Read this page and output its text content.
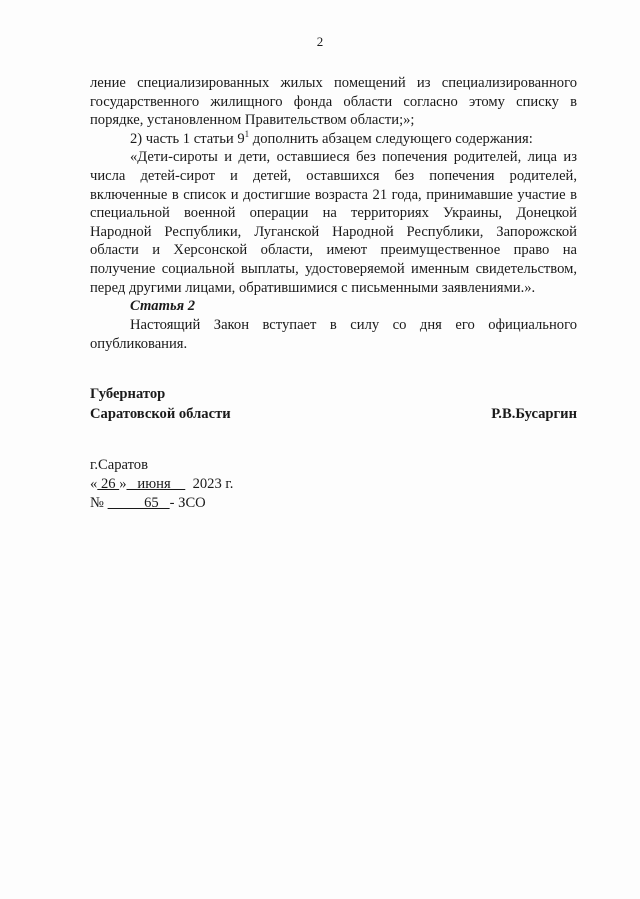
2

ление специализированных жилых помещений из специализированного государственного жилищного фонда области согласно этому списку в порядке, установленном Правительством области;»;

2) часть 1 статьи $9^1$ дополнить абзацем следующего содержания:

«Дети-сироты и дети, оставшиеся без попечения родителей, лица из числа детей-сирот и детей, оставшихся без попечения родителей, включенные в список и достигшие возраста 21 года, принимавшие участие в специальной военной операции на территориях Украины, Донецкой Народной Республики, Луганской Народной Республики, Запорожской области и Херсонской области, имеют преимущественное право на получение социальной выплаты, удостоверяемой именным свидетельством, перед другими лицами, обратившимися с письменными заявлениями.».

Статья 2

Настоящий Закон вступает в силу со дня его официального опубликования.

Губернатор
Саратовской области	Р.В.Бусаргин
г.Саратов
« 26 »   июня      2023 г.
№           65   - ЗСО
